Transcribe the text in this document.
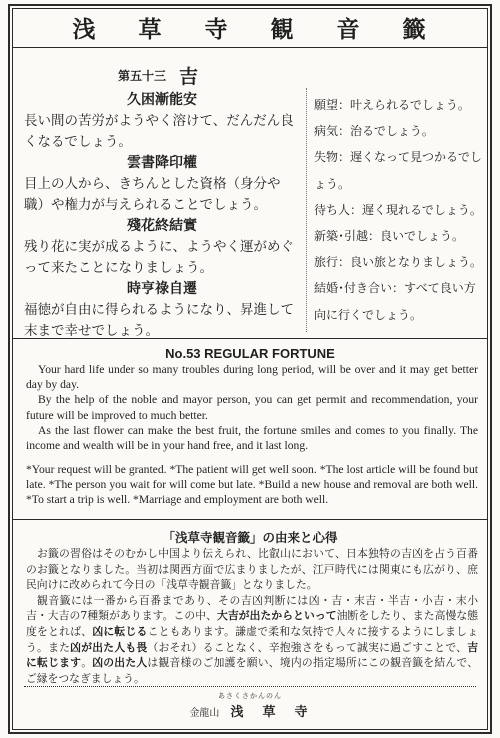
浅 草 寺 観 音 籤
第五十三 吉
久困漸能安

長い間の苦労がようやく溶けて、だんだん良くなるでしょう。

雲書降印權

目上の人から、きちんとした資格（身分や職）や権力が与えられることでしょう。

殘花終結實

残り花に実が成るように、ようやく運がめぐって来たことになりましょう。

時亨祿自遷

福徳が自由に得られるようになり、昇進して末まで幸せでしょう。

願望：叶えられるでしょう。
病気：治るでしょう。
失物：遅くなって見つかるでしょう。
待ち人：遅く現れるでしょう。
新築･引越：良いでしょう。
旅行：良い旅となりましょう。
結婚･付き合い：すべて良い方向に行くでしょう。
No.53 REGULAR FORTUNE

Your hard life under so many troubles during long period, will be over and it may get better day by day.

By the help of the noble and mayor person, you can get permit and recommendation, your future will be improved to much better.

As the last flower can make the best fruit, the fortune smiles and comes to you finally. The income and wealth will be in your hand free, and it last long.

*Your request will be granted. *The patient will get well soon. *The lost article will be found but late. *The person you wait for will come but late. *Build a new house and removal are both well. *To start a trip is well. *Marriage and employment are both well.
「浅草寺観音籤」の由来と心得

お籤の習俗はそのむかし中国より伝えられ、比叡山において、日本独特の吉凶を占う百番のお籤となりました。当初は関西方面で広まりましたが、江戸時代には関東にも広がり、庶民向けに改められて今日の「浅草寺観音籤」となりました。

観音籤には一番から百番まであり、その吉凶判断には凶・吉・末吉・半吉・小吉・末小吉・大吉の7種類があります。この中、大吉が出たからといって油断をしたり、また高慢な態度をとれば、凶に転じることもあります。謙虚で柔和な気持で人々に接するようにしましょう。また凶が出た人も畏（おそれ）ることなく、辛抱強さをもって誠実に過ごすことで、吉に転じます。凶の出た人は観音様のご加護を願い、境内の指定場所にこの観音籤を結んで、ご縁をつなぎましょう。

あさくさかんのん
金龍山 浅　草　寺
